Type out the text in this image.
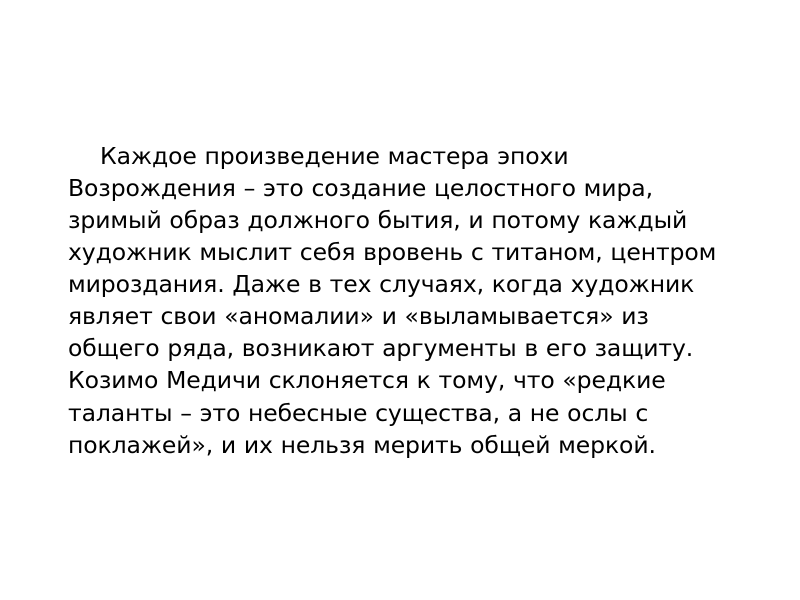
Каждое произведение мастера эпохи Возрождения – это создание целостного мира, зримый образ должного бытия, и потому каждый художник мыслит себя вровень с титаном, центром мироздания. Даже в тех случаях, когда художник являет свои «аномалии» и «выламывается» из общего ряда, возникают аргументы в его защиту. Козимо Медичи склоняется к тому, что «редкие таланты – это небесные существа, а не ослы с поклажей», и их нельзя мерить общей меркой.
